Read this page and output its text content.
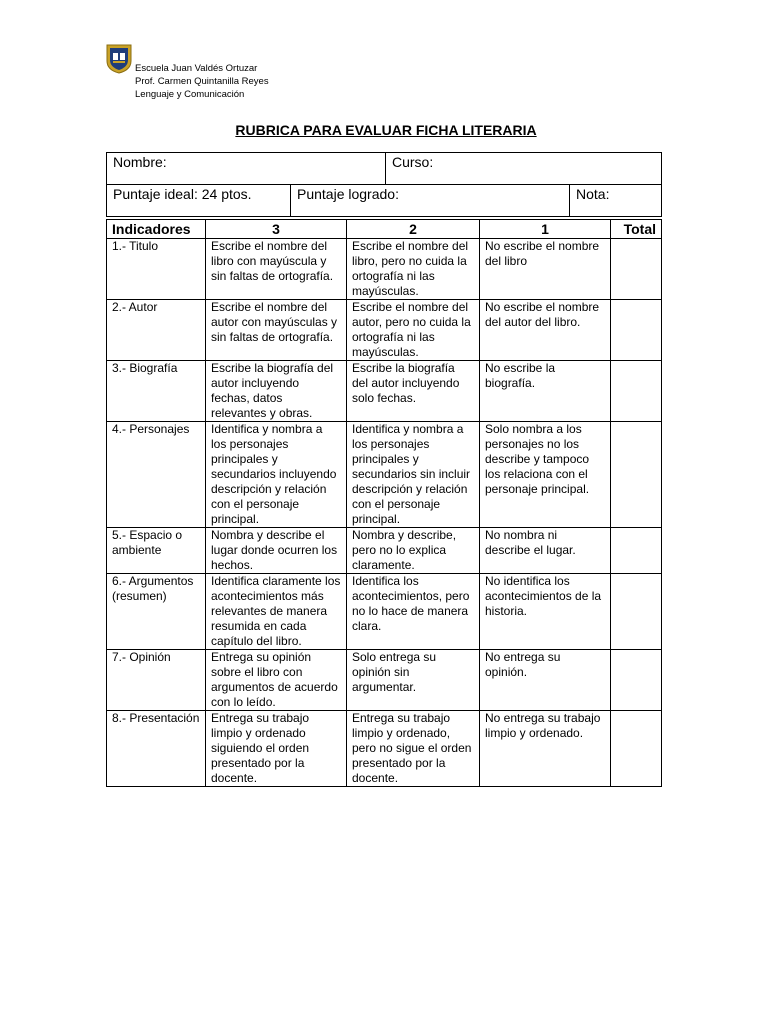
Escuela Juan Valdés Ortuzar
Prof. Carmen Quintanilla Reyes
Lenguaje y Comunicación
RUBRICA PARA EVALUAR FICHA LITERARIA
Nombre:		Curso:	
Puntaje ideal: 24 ptos.	Puntaje logrado:		Nota:
Indicadores	3	2	1	Total
1.- Titulo	Escribe el nombre del libro con mayúscula y sin faltas de ortografía.	Escribe el nombre del libro, pero no cuida la ortografía ni las mayúsculas.	No escribe el nombre del libro	
2.- Autor	Escribe el nombre del autor con mayúsculas y sin faltas de ortografía.	Escribe el nombre del autor, pero no cuida la ortografía ni las mayúsculas.	No escribe el nombre del autor del libro.	
3.- Biografía	Escribe la biografía del autor incluyendo fechas, datos relevantes y obras.	Escribe la biografía del autor incluyendo solo fechas.	No escribe la biografía.	
4.- Personajes	Identifica y nombra a los personajes principales y secundarios incluyendo descripción y relación con el personaje principal.	Identifica y nombra a los personajes principales y secundarios sin incluir descripción y relación con el personaje principal.	Solo nombra a los personajes no los describe y tampoco los relaciona con el personaje principal.	
5.- Espacio o ambiente	Nombra y describe el lugar donde ocurren los hechos.	Nombra y describe, pero no lo explica claramente.	No nombra ni describe el lugar.	
6.- Argumentos (resumen)	Identifica claramente los acontecimientos más relevantes de manera resumida en cada capítulo del libro.	Identifica los acontecimientos, pero no lo hace de manera clara.	No identifica los acontecimientos de la historia.	
7.- Opinión	Entrega su opinión sobre el libro con argumentos de acuerdo con lo leído.	Solo entrega su opinión sin argumentar.	No entrega su opinión.	
8.- Presentación	Entrega su trabajo limpio y ordenado siguiendo el orden presentado por la docente.	Entrega su trabajo limpio y ordenado, pero no sigue el orden presentado por la docente.	No entrega su trabajo limpio y ordenado.	
